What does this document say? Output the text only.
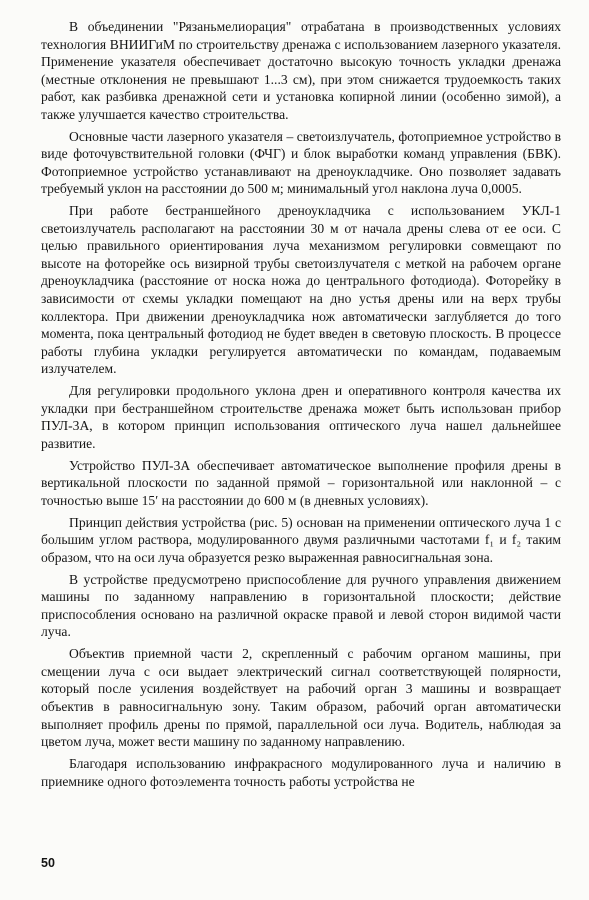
В объединении "Рязаньмелиорация" отрабатана в производственных условиях технология ВНИИГиМ по строительству дренажа с использованием лазерного указателя. Применение указателя обеспечивает достаточно высокую точность укладки дренажа (местные отклонения не превышают 1...3 см), при этом снижается трудоемкость таких работ, как разбивка дренажной сети и установка копирной линии (особенно зимой), а также улучшается качество строительства.

Основные части лазерного указателя – светоизлучатель, фотоприемное устройство в виде фоточувствительной головки (ФЧГ) и блок выработки команд управления (БВК). Фотоприемное устройство устанавливают на дреноукладчике. Оно позволяет задавать требуемый уклон на расстоянии до 500 м; минимальный угол наклона луча 0,0005.

При работе бестраншейного дреноукладчика с использованием УКЛ-1 светоизлучатель располагают на расстоянии 30 м от начала дрены слева от ее оси. С целью правильного ориентирования луча механизмом регулировки совмещают по высоте на фоторейке ось визирной трубы светоизлучателя с меткой на рабочем органе дреноукладчика (расстояние от носка ножа до центрального фотодиода). Фоторейку в зависимости от схемы укладки помещают на дно устья дрены или на верх трубы коллектора. При движении дреноукладчика нож автоматически заглубляется до того момента, пока центральный фотодиод не будет введен в световую плоскость. В процессе работы глубина укладки регулируется автоматически по командам, подаваемым излучателем.

Для регулировки продольного уклона дрен и оперативного контроля качества их укладки при бестраншейном строительстве дренажа может быть использован прибор ПУЛ-3А, в котором принцип использования оптического луча нашел дальнейшее развитие.

Устройство ПУЛ-3А обеспечивает автоматическое выполнение профиля дрены в вертикальной плоскости по заданной прямой – горизонтальной или наклонной – с точностью выше 15′ на расстоянии до 600 м (в дневных условиях).

Принцип действия устройства (рис. 5) основан на применении оптического луча 1 с большим углом раствора, модулированного двумя различными частотами f₁ и f₂ таким образом, что на оси луча образуется резко выраженная равносигнальная зона.

В устройстве предусмотрено приспособление для ручного управления движением машины по заданному направлению в горизонтальной плоскости; действие приспособления основано на различной окраске правой и левой сторон видимой части луча.

Объектив приемной части 2, скрепленный с рабочим органом машины, при смещении луча с оси выдает электрический сигнал соответствующей полярности, который после усиления воздействует на рабочий орган 3 машины и возвращает объектив в равносигнальную зону. Таким образом, рабочий орган автоматически выполняет профиль дрены по прямой, параллельной оси луча. Водитель, наблюдая за цветом луча, может вести машину по заданному направлению.

Благодаря использованию инфракрасного модулированного луча и наличию в приемнике одного фотоэлемента точность работы устройства не

50
